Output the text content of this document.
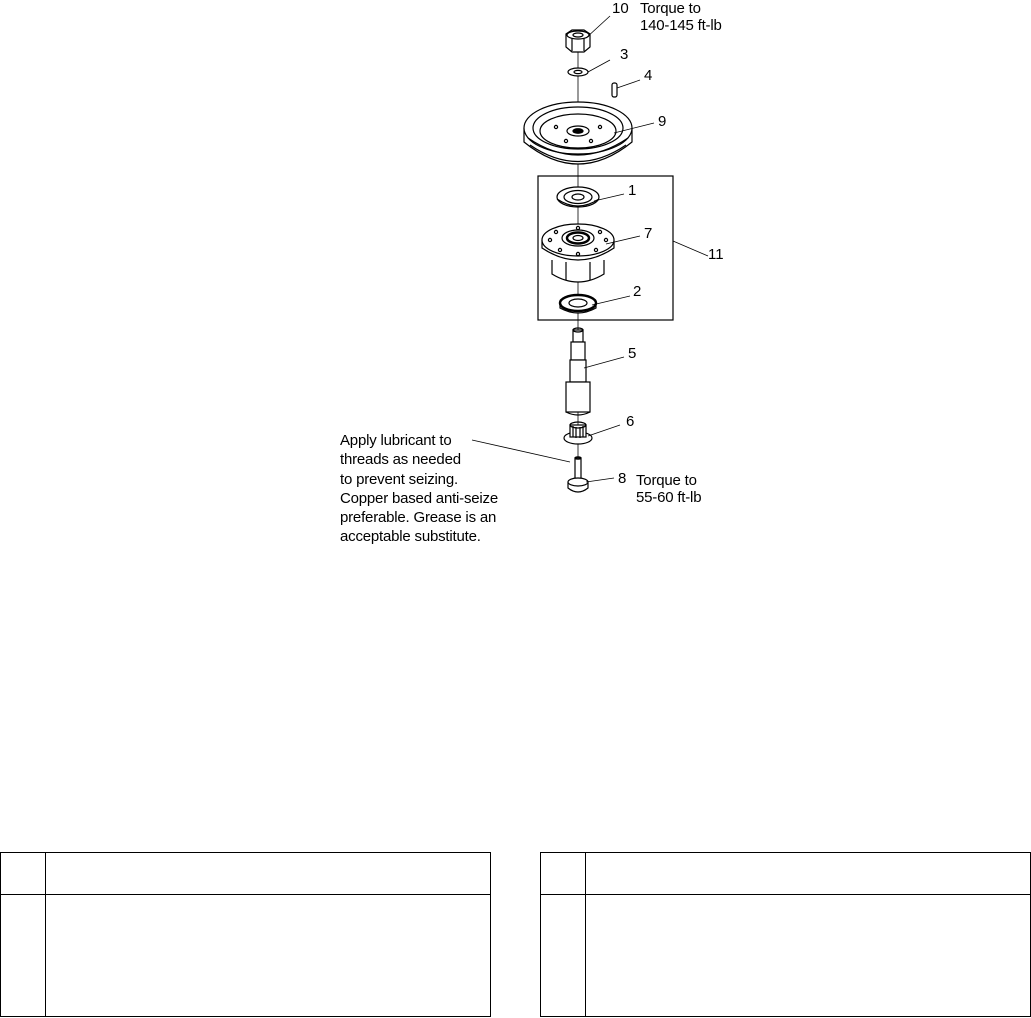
10
3
4
9
1
7
11
2
5
6
8
Torque to
140-145 ft-lb
Torque to
55-60 ft-lb
Apply lubricant to
threads as needed
to prevent seizing.
Copper based anti-seize
preferable. Grease is an
acceptable substitute.
